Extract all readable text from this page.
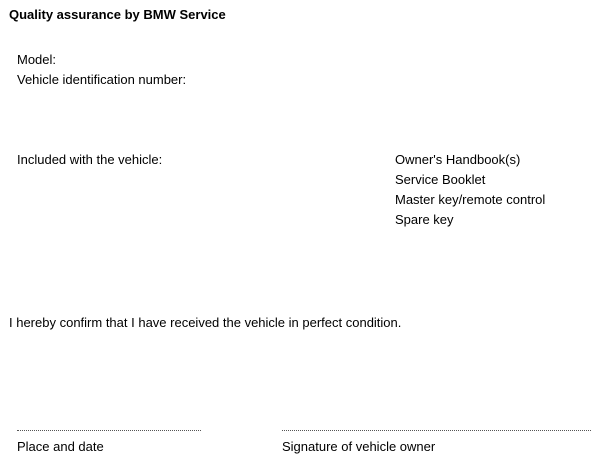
Quality assurance by BMW Service
Model:
Vehicle identification number:
Included with the vehicle:	Owner's Handbook(s)
Service Booklet
Master key/remote control
Spare key
I hereby confirm that I have received the vehicle in perfect condition.
Place and date	Signature of vehicle owner
